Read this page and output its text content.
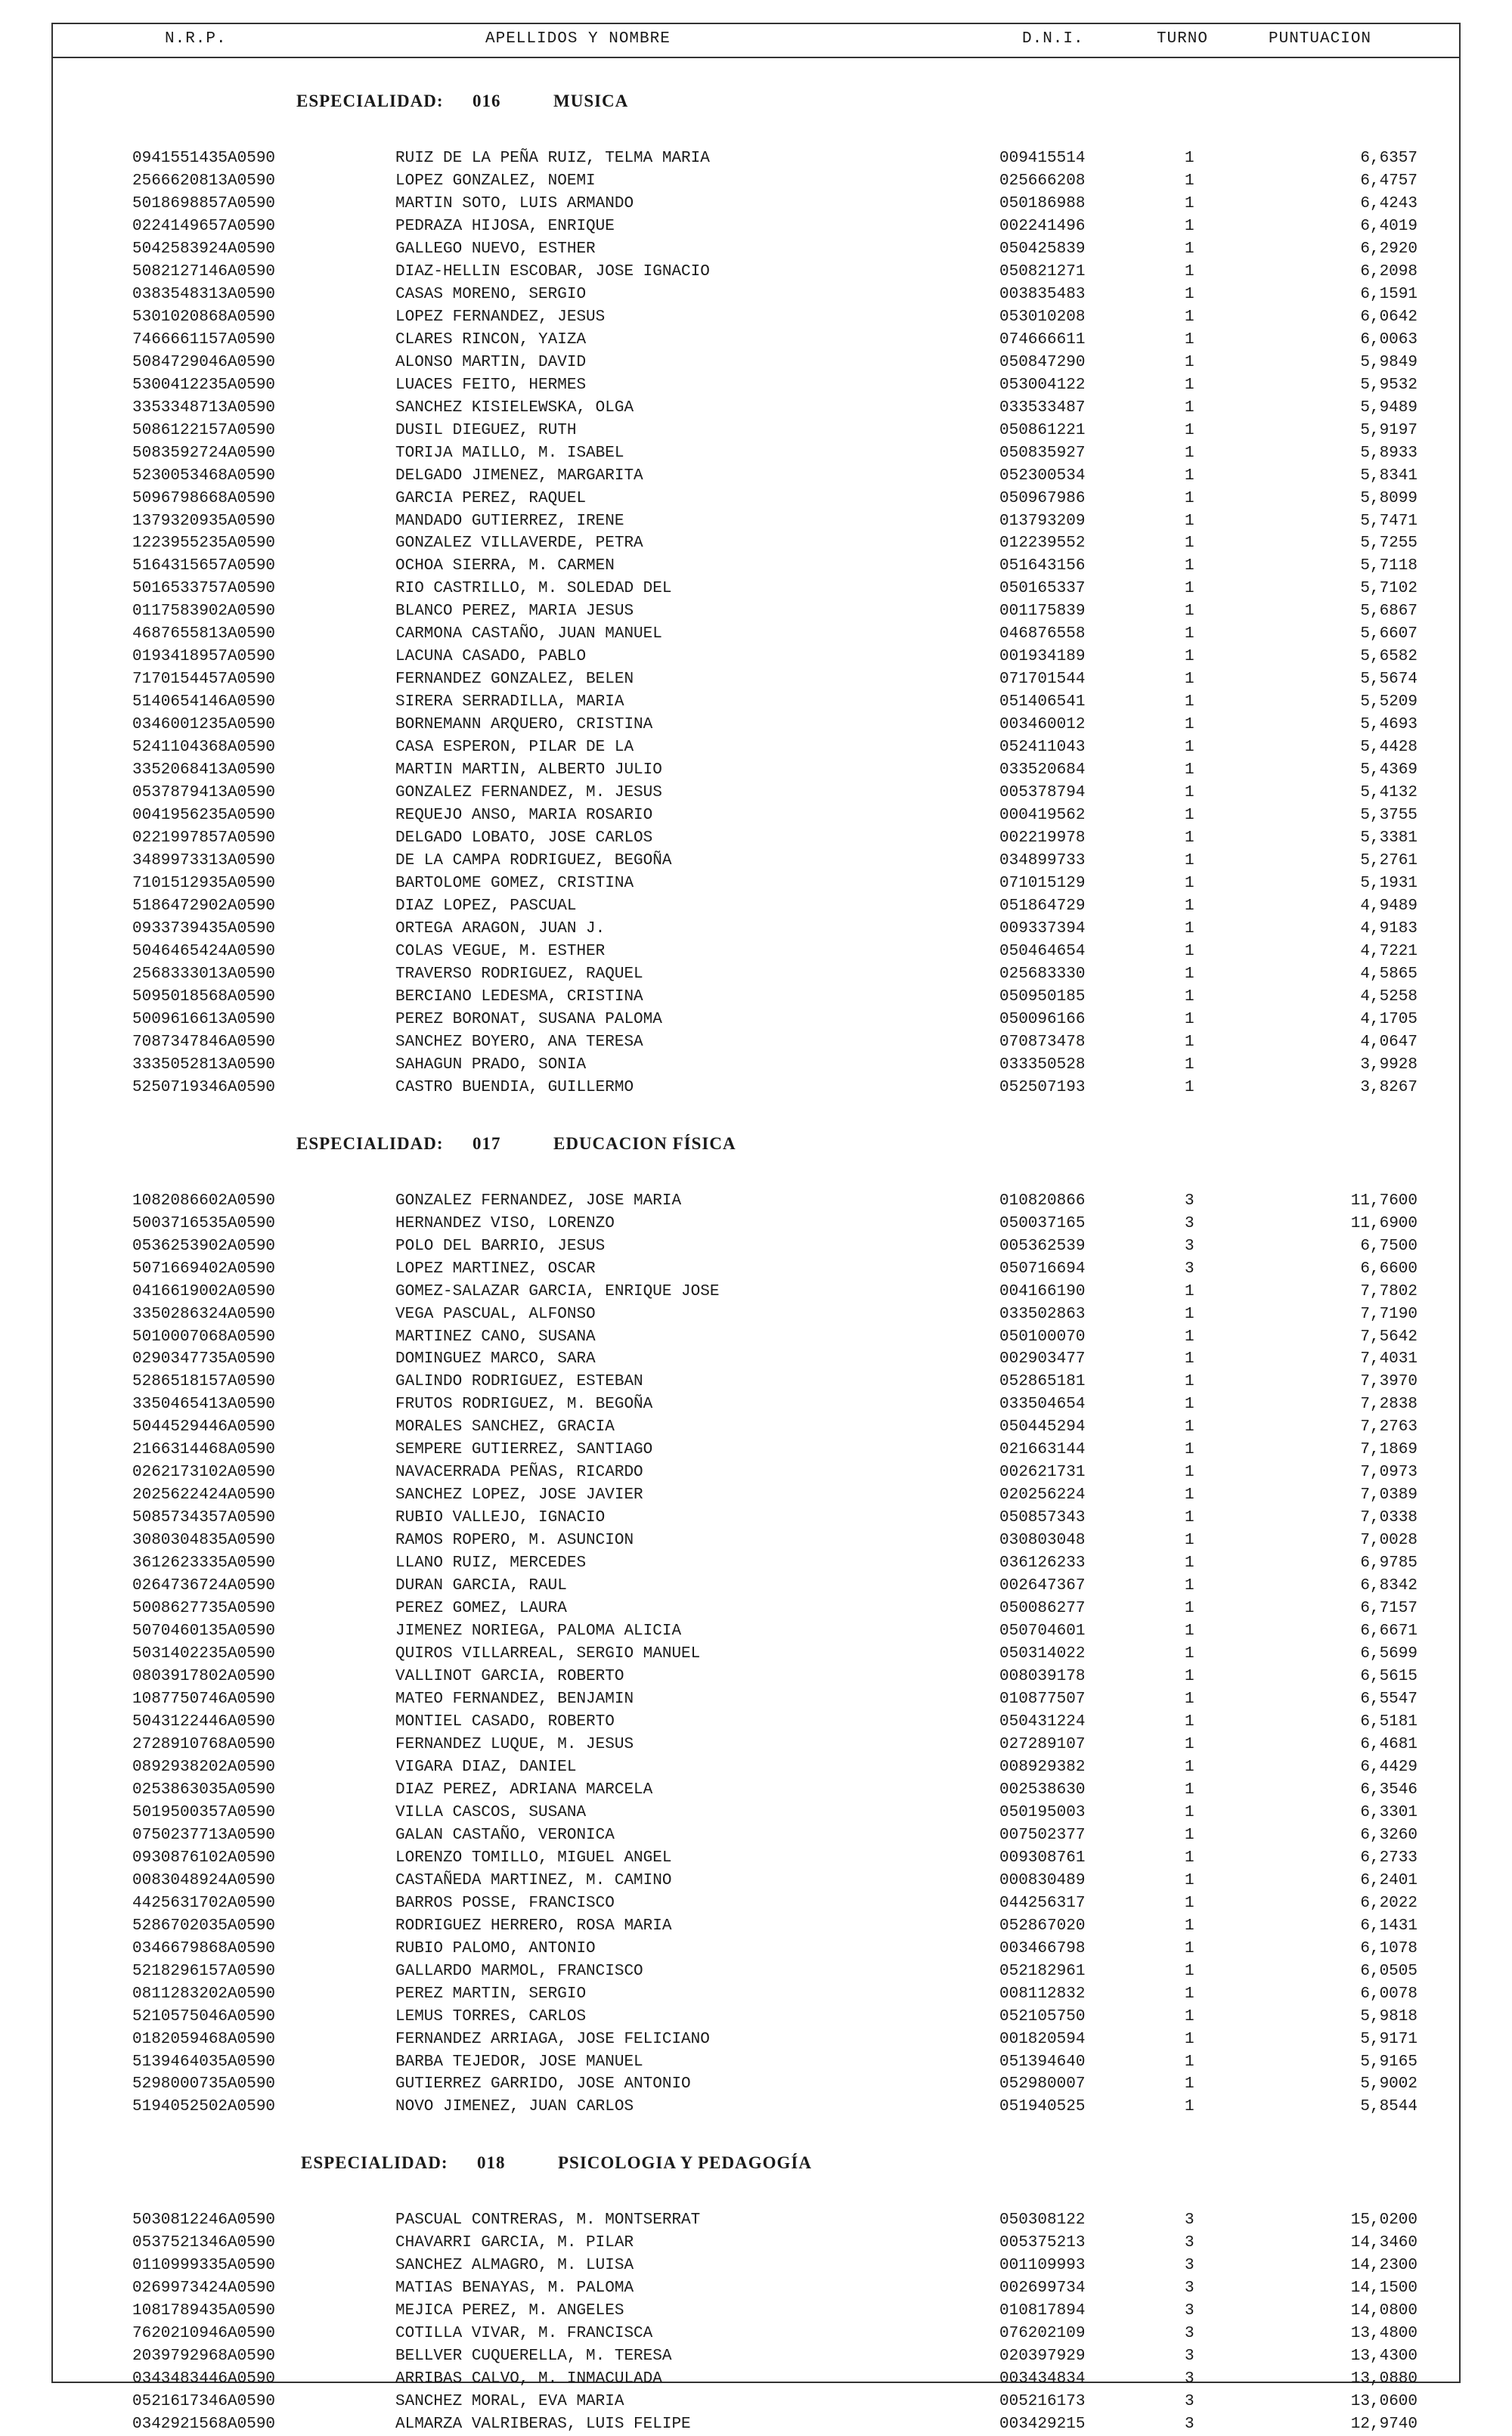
N.R.P.	APELLIDOS Y NOMBRE	D.N.I.	TURNO	PUNTUACION
ESPECIALIDAD: 016	MUSICA
0941551435A0590	RUIZ DE LA PEÑA RUIZ, TELMA MARIA	009415514	1	6,6357
2566620813A0590	LOPEZ GONZALEZ, NOEMI	025666208	1	6,4757
5018698857A0590	MARTIN SOTO, LUIS ARMANDO	050186988	1	6,4243
0224149657A0590	PEDRAZA HIJOSA, ENRIQUE	002241496	1	6,4019
5042583924A0590	GALLEGO NUEVO, ESTHER	050425839	1	6,2920
5082127146A0590	DIAZ-HELLIN ESCOBAR, JOSE IGNACIO	050821271	1	6,2098
0383548313A0590	CASAS MORENO, SERGIO	003835483	1	6,1591
5301020868A0590	LOPEZ FERNANDEZ, JESUS	053010208	1	6,0642
7466661157A0590	CLARES RINCON, YAIZA	074666611	1	6,0063
5084729046A0590	ALONSO MARTIN, DAVID	050847290	1	5,9849
5300412235A0590	LUACES FEITO, HERMES	053004122	1	5,9532
3353348713A0590	SANCHEZ KISIELEWSKA, OLGA	033533487	1	5,9489
5086122157A0590	DUSIL DIEGUEZ, RUTH	050861221	1	5,9197
5083592724A0590	TORIJA MAILLO, M. ISABEL	050835927	1	5,8933
5230053468A0590	DELGADO JIMENEZ, MARGARITA	052300534	1	5,8341
5096798668A0590	GARCIA PEREZ, RAQUEL	050967986	1	5,8099
1379320935A0590	MANDADO GUTIERREZ, IRENE	013793209	1	5,7471
1223955235A0590	GONZALEZ VILLAVERDE, PETRA	012239552	1	5,7255
5164315657A0590	OCHOA SIERRA, M. CARMEN	051643156	1	5,7118
5016533757A0590	RIO CASTRILLO, M. SOLEDAD DEL	050165337	1	5,7102
0117583902A0590	BLANCO PEREZ, MARIA JESUS	001175839	1	5,6867
4687655813A0590	CARMONA CASTAÑO, JUAN MANUEL	046876558	1	5,6607
0193418957A0590	LACUNA CASADO, PABLO	001934189	1	5,6582
7170154457A0590	FERNANDEZ GONZALEZ, BELEN	071701544	1	5,5674
5140654146A0590	SIRERA SERRADILLA, MARIA	051406541	1	5,5209
0346001235A0590	BORNEMANN ARQUERO, CRISTINA	003460012	1	5,4693
5241104368A0590	CASA ESPERON, PILAR DE LA	052411043	1	5,4428
3352068413A0590	MARTIN MARTIN, ALBERTO JULIO	033520684	1	5,4369
0537879413A0590	GONZALEZ FERNANDEZ, M. JESUS	005378794	1	5,4132
0041956235A0590	REQUEJO ANSO, MARIA ROSARIO	000419562	1	5,3755
0221997857A0590	DELGADO LOBATO, JOSE CARLOS	002219978	1	5,3381
3489973313A0590	DE LA CAMPA RODRIGUEZ, BEGOÑA	034899733	1	5,2761
7101512935A0590	BARTOLOME GOMEZ, CRISTINA	071015129	1	5,1931
5186472902A0590	DIAZ LOPEZ, PASCUAL	051864729	1	4,9489
0933739435A0590	ORTEGA ARAGON, JUAN J.	009337394	1	4,9183
5046465424A0590	COLAS VEGUE, M. ESTHER	050464654	1	4,7221
2568333013A0590	TRAVERSO RODRIGUEZ, RAQUEL	025683330	1	4,5865
5095018568A0590	BERCIANO LEDESMA, CRISTINA	050950185	1	4,5258
5009616613A0590	PEREZ BORONAT, SUSANA PALOMA	050096166	1	4,1705
7087347846A0590	SANCHEZ BOYERO, ANA TERESA	070873478	1	4,0647
3335052813A0590	SAHAGUN PRADO, SONIA	033350528	1	3,9928
5250719346A0590	CASTRO BUENDIA, GUILLERMO	052507193	1	3,8267
ESPECIALIDAD: 017	EDUCACION FÍSICA
1082086602A0590	GONZALEZ FERNANDEZ, JOSE MARIA	010820866	3	11,7600
5003716535A0590	HERNANDEZ VISO, LORENZO	050037165	3	11,6900
0536253902A0590	POLO DEL BARRIO, JESUS	005362539	3	6,7500
5071669402A0590	LOPEZ MARTINEZ, OSCAR	050716694	3	6,6600
0416619002A0590	GOMEZ-SALAZAR GARCIA, ENRIQUE JOSE	004166190	1	7,7802
3350286324A0590	VEGA PASCUAL, ALFONSO	033502863	1	7,7190
5010007068A0590	MARTINEZ CANO, SUSANA	050100070	1	7,5642
0290347735A0590	DOMINGUEZ MARCO, SARA	002903477	1	7,4031
5286518157A0590	GALINDO RODRIGUEZ, ESTEBAN	052865181	1	7,3970
3350465413A0590	FRUTOS RODRIGUEZ, M. BEGOÑA	033504654	1	7,2838
5044529446A0590	MORALES SANCHEZ, GRACIA	050445294	1	7,2763
2166314468A0590	SEMPERE GUTIERREZ, SANTIAGO	021663144	1	7,1869
0262173102A0590	NAVACERRADA PEÑAS, RICARDO	002621731	1	7,0973
2025622424A0590	SANCHEZ LOPEZ, JOSE JAVIER	020256224	1	7,0389
5085734357A0590	RUBIO VALLEJO, IGNACIO	050857343	1	7,0338
3080304835A0590	RAMOS ROPERO, M. ASUNCION	030803048	1	7,0028
3612623335A0590	LLANO RUIZ, MERCEDES	036126233	1	6,9785
0264736724A0590	DURAN GARCIA, RAUL	002647367	1	6,8342
5008627735A0590	PEREZ GOMEZ, LAURA	050086277	1	6,7157
5070460135A0590	JIMENEZ NORIEGA, PALOMA ALICIA	050704601	1	6,6671
5031402235A0590	QUIROS VILLARREAL, SERGIO MANUEL	050314022	1	6,5699
0803917802A0590	VALLINOT GARCIA, ROBERTO	008039178	1	6,5615
1087750746A0590	MATEO FERNANDEZ, BENJAMIN	010877507	1	6,5547
5043122446A0590	MONTIEL CASADO, ROBERTO	050431224	1	6,5181
2728910768A0590	FERNANDEZ LUQUE, M. JESUS	027289107	1	6,4681
0892938202A0590	VIGARA DIAZ, DANIEL	008929382	1	6,4429
0253863035A0590	DIAZ PEREZ, ADRIANA MARCELA	002538630	1	6,3546
5019500357A0590	VILLA CASCOS, SUSANA	050195003	1	6,3301
0750237713A0590	GALAN CASTAÑO, VERONICA	007502377	1	6,3260
0930876102A0590	LORENZO TOMILLO, MIGUEL ANGEL	009308761	1	6,2733
0083048924A0590	CASTAÑEDA MARTINEZ, M. CAMINO	000830489	1	6,2401
4425631702A0590	BARROS POSSE, FRANCISCO	044256317	1	6,2022
5286702035A0590	RODRIGUEZ HERRERO, ROSA MARIA	052867020	1	6,1431
0346679868A0590	RUBIO PALOMO, ANTONIO	003466798	1	6,1078
5218296157A0590	GALLARDO MARMOL, FRANCISCO	052182961	1	6,0505
0811283202A0590	PEREZ MARTIN, SERGIO	008112832	1	6,0078
5210575046A0590	LEMUS TORRES, CARLOS	052105750	1	5,9818
0182059468A0590	FERNANDEZ ARRIAGA, JOSE FELICIANO	001820594	1	5,9171
5139464035A0590	BARBA TEJEDOR, JOSE MANUEL	051394640	1	5,9165
5298000735A0590	GUTIERREZ GARRIDO, JOSE ANTONIO	052980007	1	5,9002
5194052502A0590	NOVO JIMENEZ, JUAN CARLOS	051940525	1	5,8544
ESPECIALIDAD: 018	PSICOLOGIA Y PEDAGOGÍA
5030812246A0590	PASCUAL CONTRERAS, M. MONTSERRAT	050308122	3	15,0200
0537521346A0590	CHAVARRI GARCIA, M. PILAR	005375213	3	14,3460
0110999335A0590	SANCHEZ ALMAGRO, M. LUISA	001109993	3	14,2300
0269973424A0590	MATIAS BENAYAS, M. PALOMA	002699734	3	14,1500
1081789435A0590	MEJICA PEREZ, M. ANGELES	010817894	3	14,0800
7620210946A0590	COTILLA VIVAR, M. FRANCISCA	076202109	3	13,4800
2039792968A0590	BELLVER CUQUERELLA, M. TERESA	020397929	3	13,4300
0343483446A0590	ARRIBAS CALVO, M. INMACULADA	003434834	3	13,0880
0521617346A0590	SANCHEZ MORAL, EVA MARIA	005216173	3	13,0600
0342921568A0590	ALMARZA VALRIBERAS, LUIS FELIPE	003429215	3	12,9740
